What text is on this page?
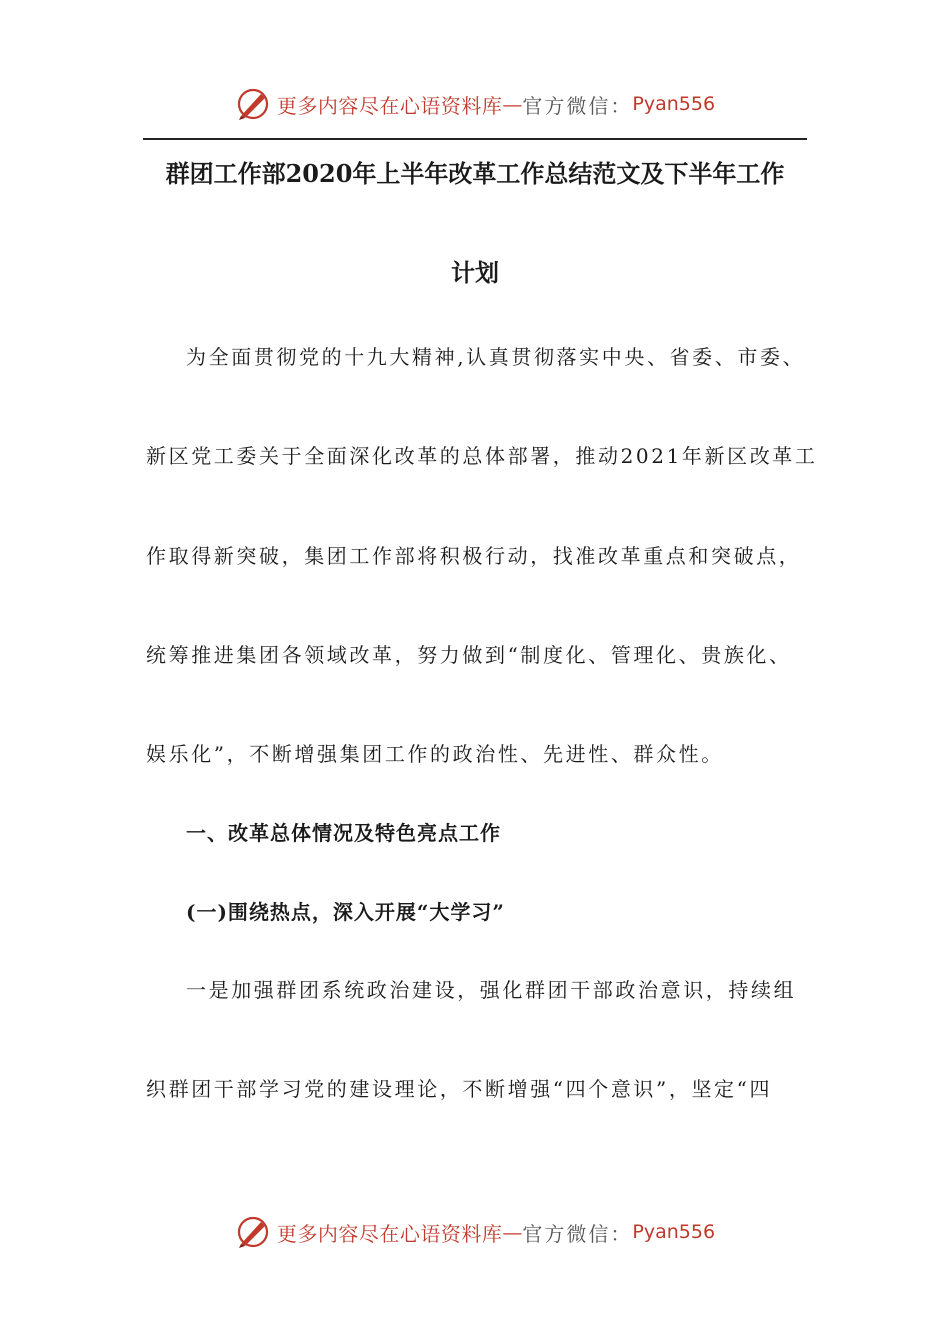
更多内容尽在心语资料库 — 官方微信： Pyan556
群团工作部2020年上半年改革工作总结范文及下半年工作
计划
为全面贯彻党的十九大精神,认真贯彻落实中央、省委、市委、
新区党工委关于全面深化改革的总体部署，推动2021年新区改革工
作取得新突破，集团工作部将积极行动，找准改革重点和突破点，
统筹推进集团各领域改革，努力做到“制度化、管理化、贵族化、
娱乐化”，不断增强集团工作的政治性、先进性、群众性。
一、改革总体情况及特色亮点工作
(一)围绕热点，深入开展“大学习”
一是加强群团系统政治建设，强化群团干部政治意识，持续组
织群团干部学习党的建设理论，不断增强“四个意识”，坚定“四
更多内容尽在心语资料库 — 官方微信： Pyan556
